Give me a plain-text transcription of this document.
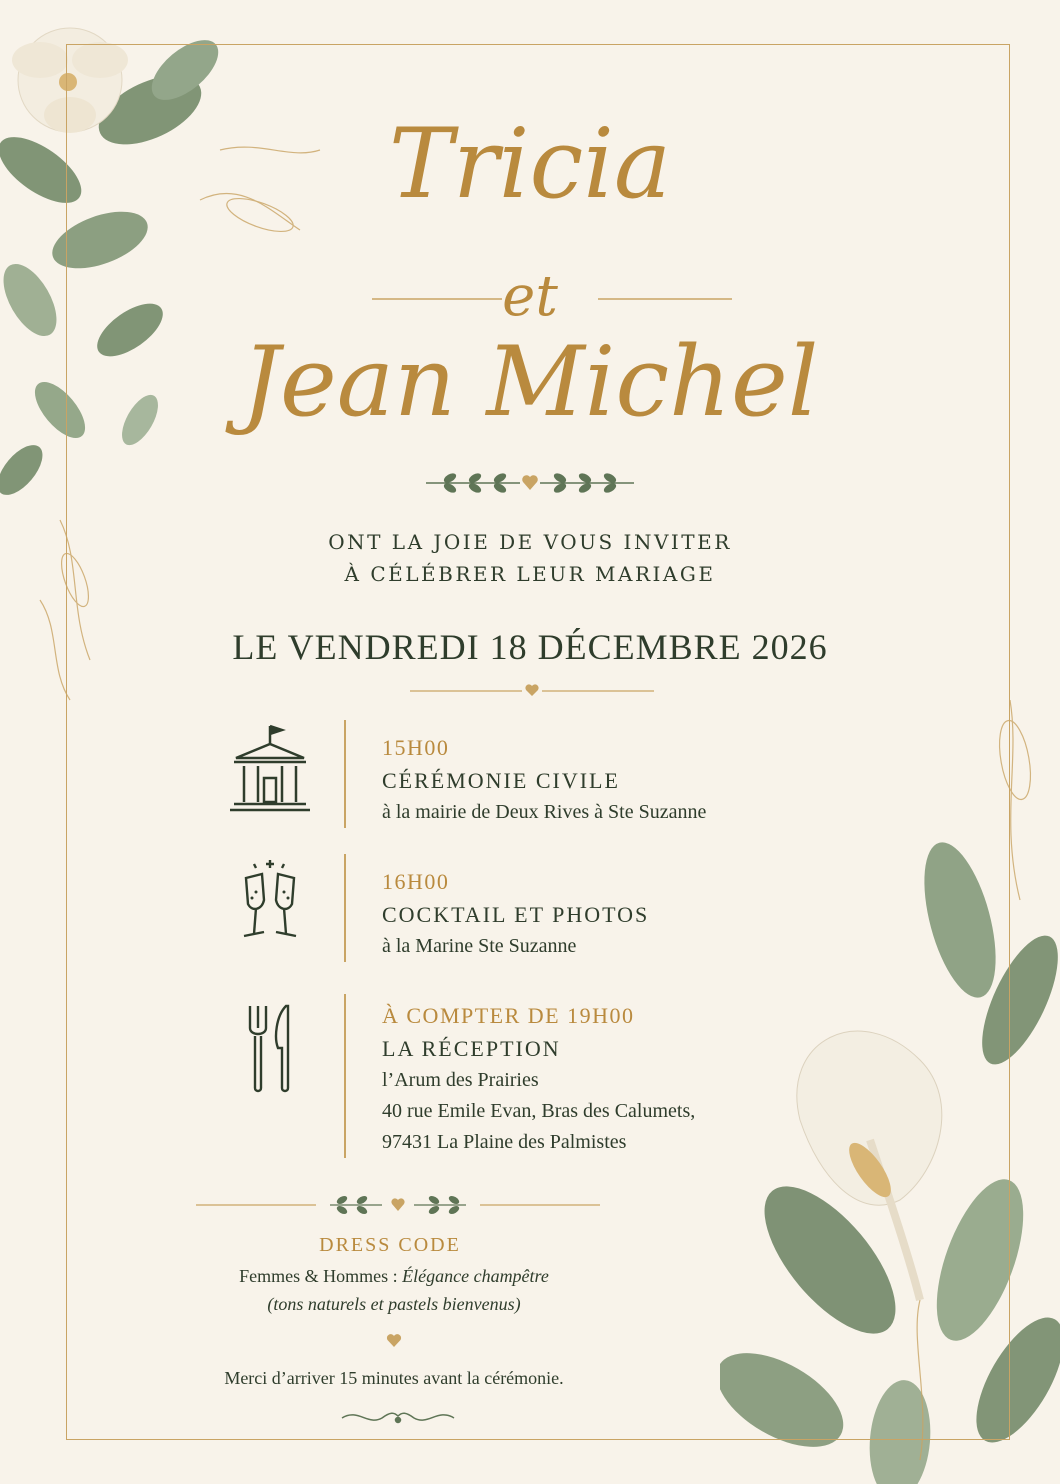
Tricia
et
Jean Michel
ONT LA JOIE DE VOUS INVITER
À CÉLÉBRER LEUR MARIAGE
LE VENDREDI 18 DÉCEMBRE 2026
15H00
CÉRÉMONIE CIVILE
à la mairie de Deux Rives à Ste Suzanne
16H00
COCKTAIL ET PHOTOS
à la Marine Ste Suzanne
À COMPTER DE 19H00
LA RÉCEPTION
l’Arum des Prairies
40 rue Emile Evan, Bras des Calumets,
97431 La Plaine des Palmistes
DRESS CODE
Femmes & Hommes : Élégance champêtre
(tons naturels et pastels bienvenus)
Merci d’arriver 15 minutes avant la cérémonie.
